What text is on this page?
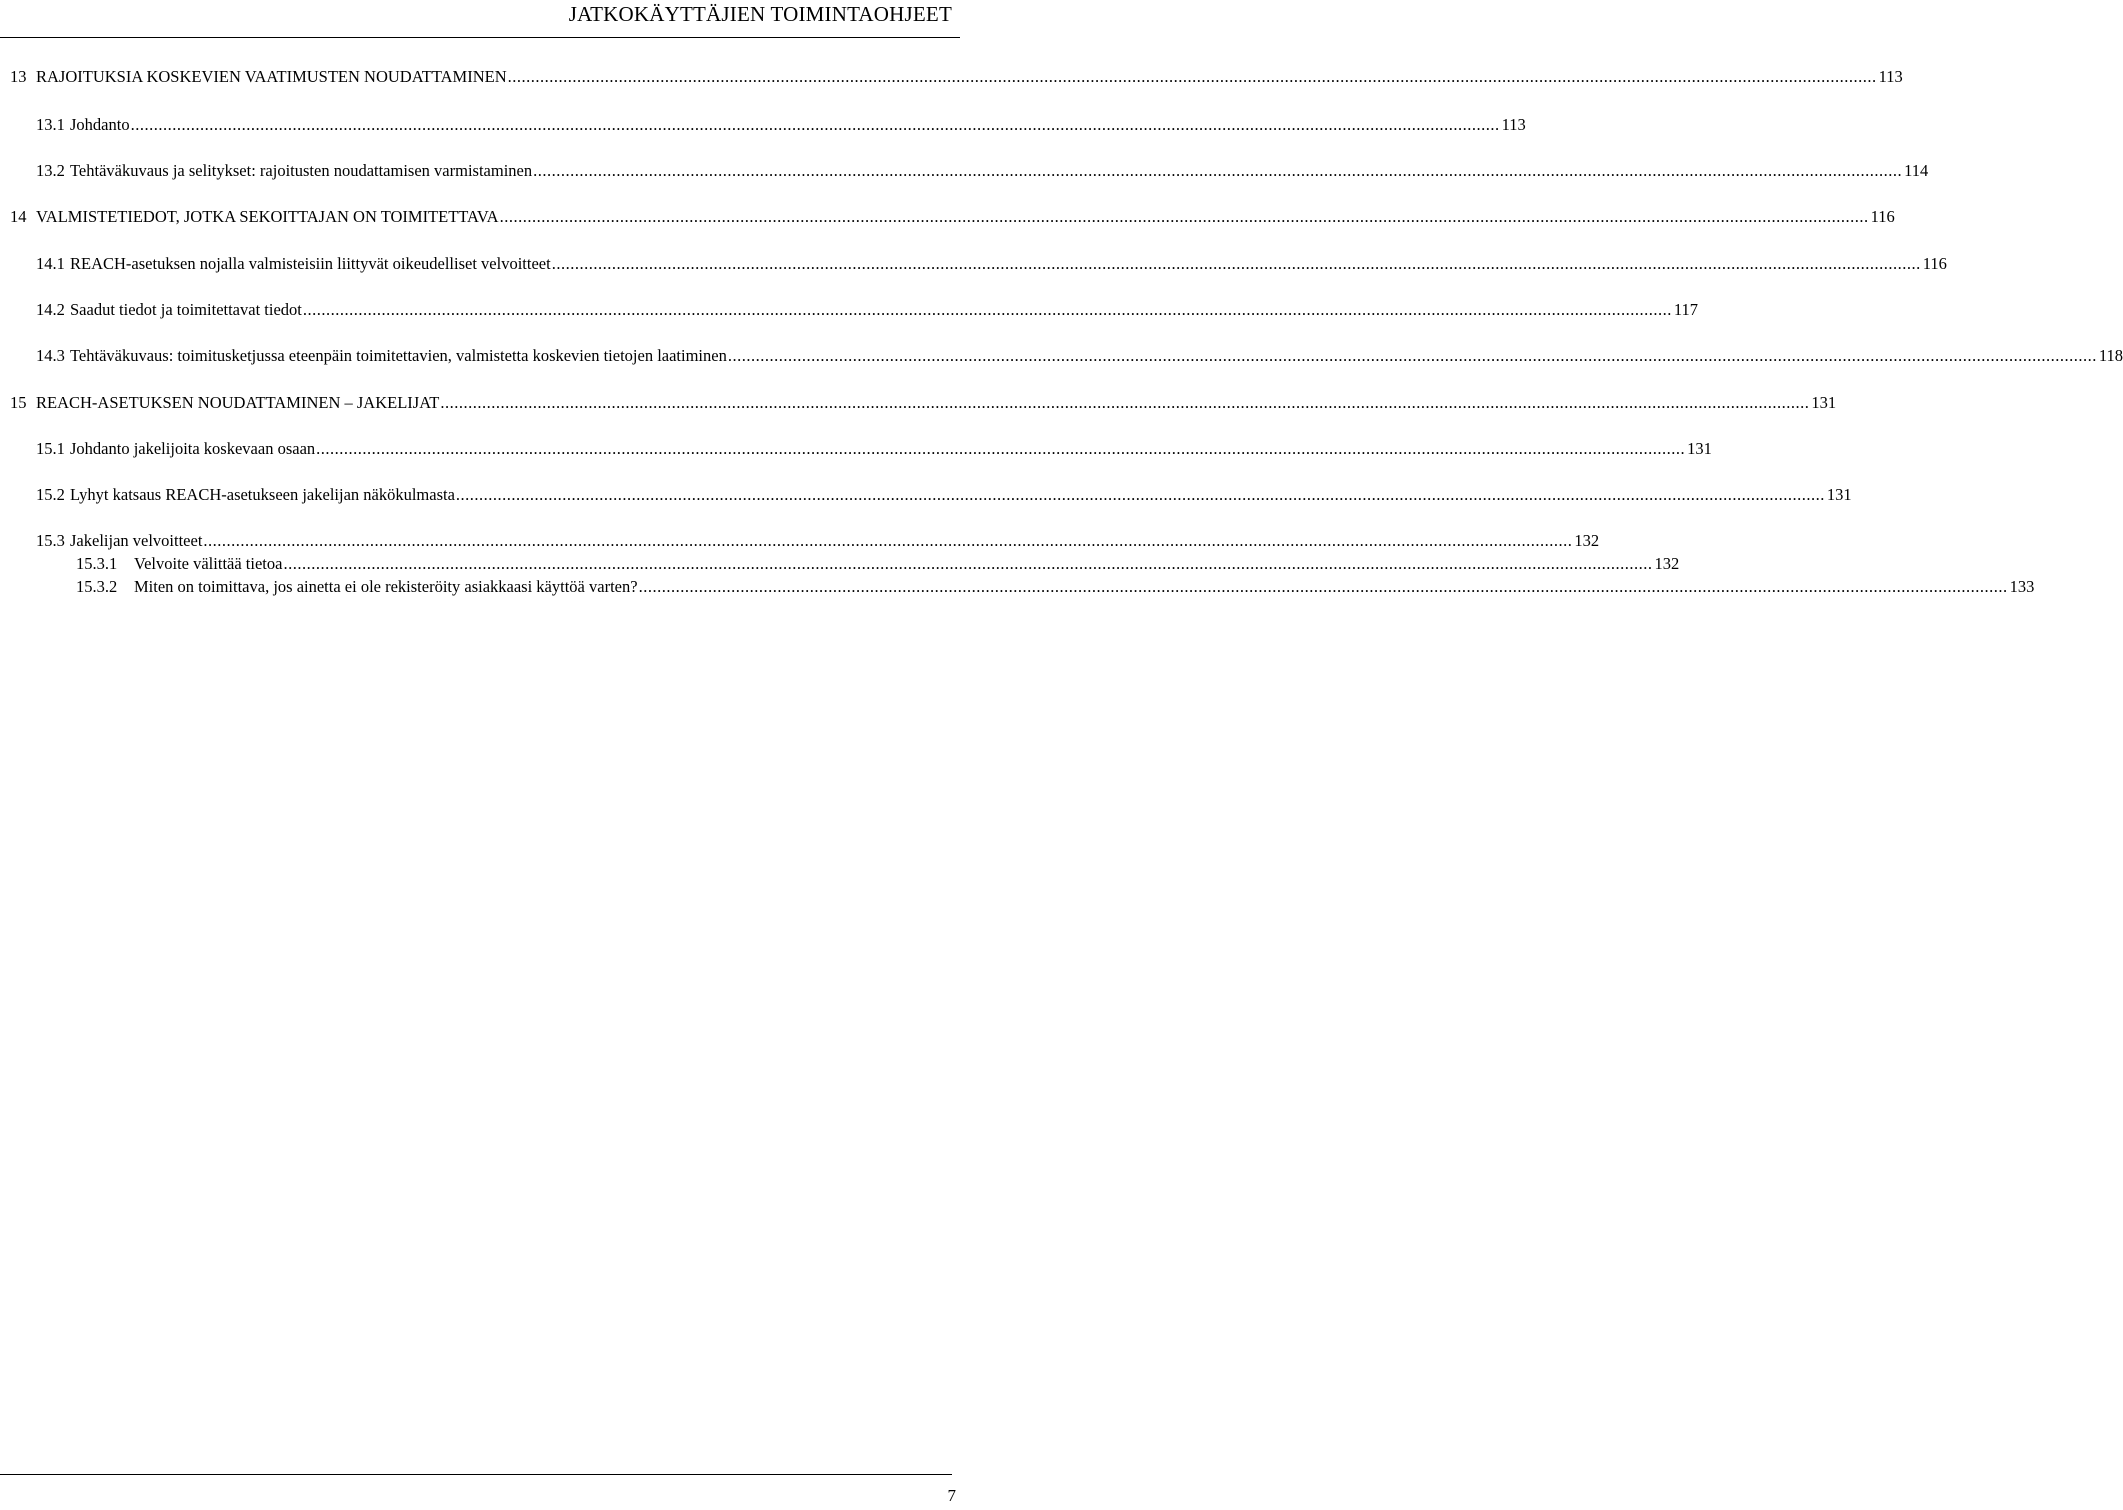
JATKOKÄYTTÄJIEN TOIMINTAOHJEET
13 RAJOITUKSIA KOSKEVIEN VAATIMUSTEN NOUDATTAMINEN .....	113
13.1 Johdanto .....	113
13.2 Tehtäväkuvaus ja selitykset: rajoitusten noudattamisen varmistaminen .....	114
14 VALMISTETIEDOT, JOTKA SEKOITTAJAN ON TOIMITETTAVA .....	116
14.1 REACH-asetuksen nojalla valmisteisiin liittyvät oikeudelliset velvoitteet .....	116
14.2 Saadut tiedot ja toimitettavat tiedot .....	117
14.3 Tehtäväkuvaus: toimitusketjussa eteenpäin toimitettavien, valmistetta koskevien tietojen laatiminen .....	118
15 REACH-ASETUKSEN NOUDATTAMINEN – JAKELIJAT .....	131
15.1 Johdanto jakelijoita koskevaan osaan .....	131
15.2 Lyhyt katsaus REACH-asetukseen jakelijan näkökulmasta .....	131
15.3 Jakelijan velvoitteet .....	132
15.3.1	Velvoite välittää tietoa .....	132
15.3.2	Miten on toimittava, jos ainetta ei ole rekisteröity asiakkaasi käyttöä varten? .....	133
7
